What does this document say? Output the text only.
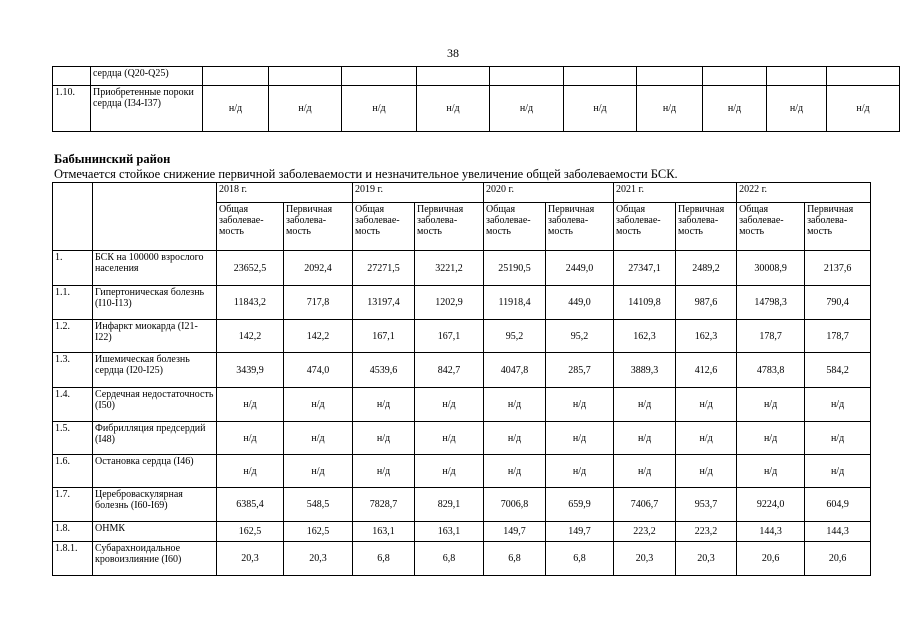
38
	сердца (Q20-Q25)										
1.10.	Приобретенные пороки сердца (I34-I37)	н/д	н/д	н/д	н/д	н/д	н/д	н/д	н/д	н/д	н/д
Бабынинский район
Отмечается стойкое снижение первичной заболеваемости и незначительное увеличение общей заболеваемости БСК.
		2018 г.		2019 г.		2020 г.		2021 г.		2022 г.	
		Общая заболевае-мость	Первичная заболева-мость	Общая заболевае-мость	Первичная заболева-мость	Общая заболевае-мость	Первичная заболева-мость	Общая заболевае-мость	Первичная заболева-мость	Общая заболевае-мость	Первичная заболева-мость
1.	БСК на 100000 взрослого населения	23652,5	2092,4	27271,5	3221,2	25190,5	2449,0	27347,1	2489,2	30008,9	2137,6
1.1.	Гипертоническая болезнь (I10-I13)	11843,2	717,8	13197,4	1202,9	11918,4	449,0	14109,8	987,6	14798,3	790,4
1.2.	Инфаркт миокарда (I21-I22)	142,2	142,2	167,1	167,1	95,2	95,2	162,3	162,3	178,7	178,7
1.3.	Ишемическая болезнь сердца (I20-I25)	3439,9	474,0	4539,6	842,7	4047,8	285,7	3889,3	412,6	4783,8	584,2
1.4.	Сердечная недостаточность (I50)	н/д	н/д	н/д	н/д	н/д	н/д	н/д	н/д	н/д	н/д
1.5.	Фибрилляция предсердий (I48)	н/д	н/д	н/д	н/д	н/д	н/д	н/д	н/д	н/д	н/д
1.6.	Остановка сердца (I46)	н/д	н/д	н/д	н/д	н/д	н/д	н/д	н/д	н/д	н/д
1.7.	Цереброваскулярная болезнь (I60-I69)	6385,4	548,5	7828,7	829,1	7006,8	659,9	7406,7	953,7	9224,0	604,9
1.8.	ОНМК	162,5	162,5	163,1	163,1	149,7	149,7	223,2	223,2	144,3	144,3
1.8.1.	Субарахноидальное кровоизлияние (I60)	20,3	20,3	6,8	6,8	6,8	6,8	20,3	20,3	20,6	20,6
